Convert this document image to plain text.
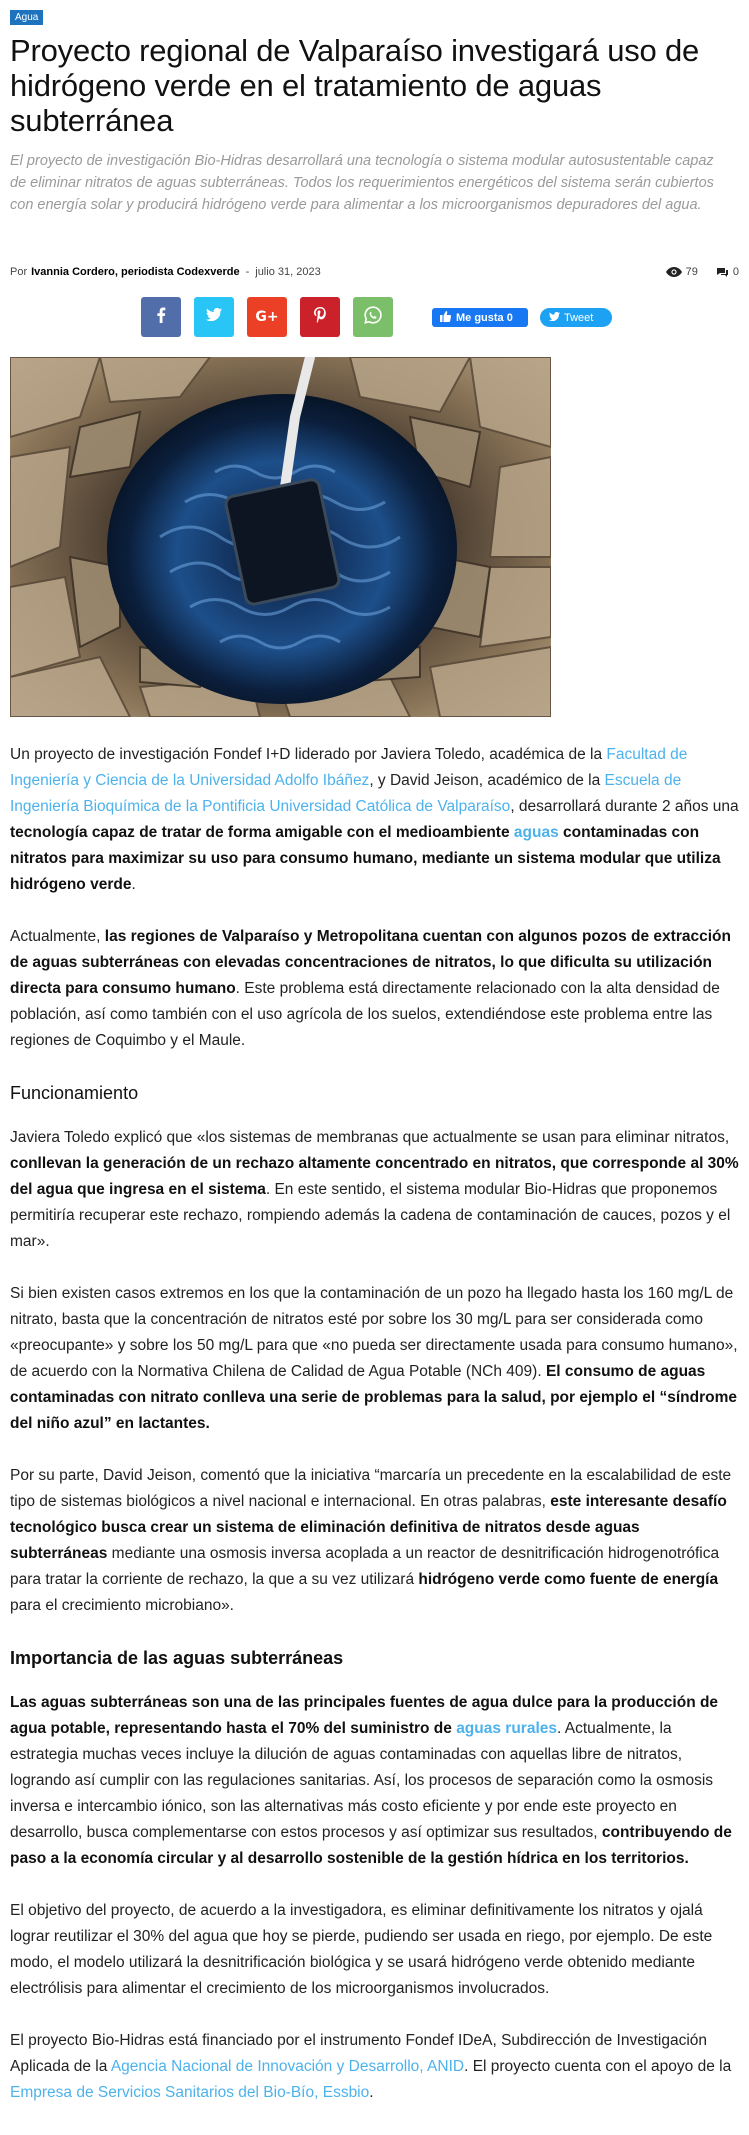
Agua
Proyecto regional de Valparaíso investigará uso de hidrógeno verde en el tratamiento de aguas subterránea

El proyecto de investigación Bio-Hidras desarrollará una tecnología o sistema modular autosustentable capaz de eliminar nitratos de aguas subterráneas. Todos los requerimientos energéticos del sistema serán cubiertos con energía solar y producirá hidrógeno verde para alimentar a los microorganismos depuradores del agua.

Por Ivannia Cordero, periodista Codexverde - julio 31, 2023	79	0
G+	Me gusta 0	Tweet

Un proyecto de investigación Fondef I+D liderado por Javiera Toledo, académica de la Facultad de Ingeniería y Ciencia de la Universidad Adolfo Ibáñez, y David Jeison, académico de la Escuela de Ingeniería Bioquímica de la Pontificia Universidad Católica de Valparaíso, desarrollará durante 2 años una tecnología capaz de tratar de forma amigable con el medioambiente aguas contaminadas con nitratos para maximizar su uso para consumo humano, mediante un sistema modular que utiliza hidrógeno verde.

Actualmente, las regiones de Valparaíso y Metropolitana cuentan con algunos pozos de extracción de aguas subterráneas con elevadas concentraciones de nitratos, lo que dificulta su utilización directa para consumo humano. Este problema está directamente relacionado con la alta densidad de población, así como también con el uso agrícola de los suelos, extendiéndose este problema entre las regiones de Coquimbo y el Maule.

Funcionamiento

Javiera Toledo explicó que «los sistemas de membranas que actualmente se usan para eliminar nitratos, conllevan la generación de un rechazo altamente concentrado en nitratos, que corresponde al 30% del agua que ingresa en el sistema. En este sentido, el sistema modular Bio-Hidras que proponemos permitiría recuperar este rechazo, rompiendo además la cadena de contaminación de cauces, pozos y el mar».

Si bien existen casos extremos en los que la contaminación de un pozo ha llegado hasta los 160 mg/L de nitrato, basta que la concentración de nitratos esté por sobre los 30 mg/L para ser considerada como «preocupante» y sobre los 50 mg/L para que «no pueda ser directamente usada para consumo humano», de acuerdo con la Normativa Chilena de Calidad de Agua Potable (NCh 409). El consumo de aguas contaminadas con nitrato conlleva una serie de problemas para la salud, por ejemplo el “síndrome del niño azul” en lactantes.

Por su parte, David Jeison, comentó que la iniciativa “marcaría un precedente en la escalabilidad de este tipo de sistemas biológicos a nivel nacional e internacional. En otras palabras, este interesante desafío tecnológico busca crear un sistema de eliminación definitiva de nitratos desde aguas subterráneas mediante una osmosis inversa acoplada a un reactor de desnitrificación hidrogenotrófica para tratar la corriente de rechazo, la que a su vez utilizará hidrógeno verde como fuente de energía para el crecimiento microbiano».

Importancia de las aguas subterráneas

Las aguas subterráneas son una de las principales fuentes de agua dulce para la producción de agua potable, representando hasta el 70% del suministro de aguas rurales. Actualmente, la estrategia muchas veces incluye la dilución de aguas contaminadas con aquellas libre de nitratos, logrando así cumplir con las regulaciones sanitarias. Así, los procesos de separación como la osmosis inversa e intercambio iónico, son las alternativas más costo eficiente y por ende este proyecto en desarrollo, busca complementarse con estos procesos y así optimizar sus resultados, contribuyendo de paso a la economía circular y al desarrollo sostenible de la gestión hídrica en los territorios.

El objetivo del proyecto, de acuerdo a la investigadora, es eliminar definitivamente los nitratos y ojalá lograr reutilizar el 30% del agua que hoy se pierde, pudiendo ser usada en riego, por ejemplo. De este modo, el modelo utilizará la desnitrificación biológica y se usará hidrógeno verde obtenido mediante electrólisis para alimentar el crecimiento de los microorganismos involucrados.

El proyecto Bio-Hidras está financiado por el instrumento Fondef IDeA, Subdirección de Investigación Aplicada de la Agencia Nacional de Innovación y Desarrollo, ANID. El proyecto cuenta con el apoyo de la Empresa de Servicios Sanitarios del Bio-Bío, Essbio.
